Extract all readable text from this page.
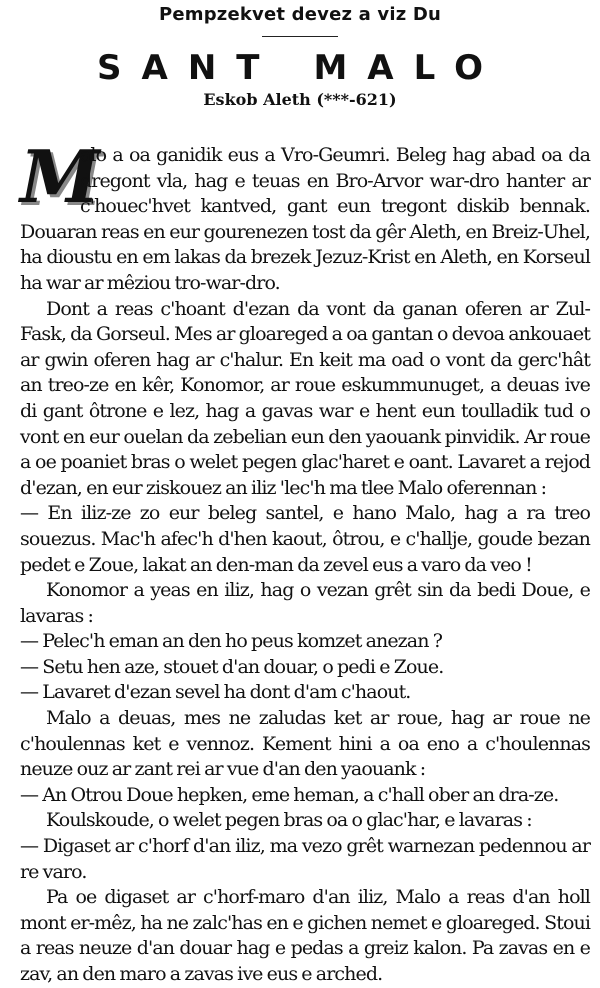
Pempzekvet devez a viz Du
SANT MALO
Eskob Aleth (***-621)
M

alo a oa ganidik eus a Vro-Geumri. Beleg hag abad oa da dregont vla, hag e teuas en Bro-Arvor war-dro hanter ar c'houec'hvet kantved, gant eun tregont diskib bennak. Douaran reas en eur gourenezen tost da gêr Aleth, en Breiz-Uhel, ha dioustu en em lakas da brezek Jezuz-Krist en Aleth, en Korseul ha war ar mêziou tro-war-dro.

Dont a reas c'hoant d'ezan da vont da ganan oferen ar Zul-Fask, da Gorseul. Mes ar gloareged a oa gantan o devoa ankouaet ar gwin oferen hag ar c'halur. En keit ma oad o vont da gerc'hât an treo-ze en kêr, Konomor, ar roue eskummunuget, a deuas ive di gant ôtrone e lez, hag a gavas war e hent eun toulladik tud o vont en eur ouelan da zebelian eun den yaouank pinvidik. Ar roue a oe poaniet bras o welet pegen glac'haret e oant. Lavaret a rejod d'ezan, en eur ziskouez an iliz 'lec'h ma tlee Malo oferennan :

— En iliz-ze zo eur beleg santel, e hano Malo, hag a ra treo souezus. Mac'h afec'h d'hen kaout, ôtrou, e c'hallje, goude bezan pedet e Zoue, lakat an den-man da zevel eus a varo da veo !

Konomor a yeas en iliz, hag o vezan grêt sin da bedi Doue, e lavaras :

— Pelec'h eman an den ho peus komzet anezan ?

— Setu hen aze, stouet d'an douar, o pedi e Zoue.

— Lavaret d'ezan sevel ha dont d'am c'haout.

Malo a deuas, mes ne zaludas ket ar roue, hag ar roue ne c'houlennas ket e vennoz. Kement hini a oa eno a c'houlennas neuze ouz ar zant rei ar vue d'an den yaouank :

— An Otrou Doue hepken, eme heman, a c'hall ober an dra-ze.

Koulskoude, o welet pegen bras oa o glac'har, e lavaras :

— Digaset ar c'horf d'an iliz, ma vezo grêt warnezan pedennou ar re varo.

Pa oe digaset ar c'horf-maro d'an iliz, Malo a reas d'an holl mont er-mêz, ha ne zalc'has en e gichen nemet e gloareged. Stoui a reas neuze d'an douar hag e pedas a greiz kalon. Pa zavas en e zav, an den maro a zavas ive eus e arched.
